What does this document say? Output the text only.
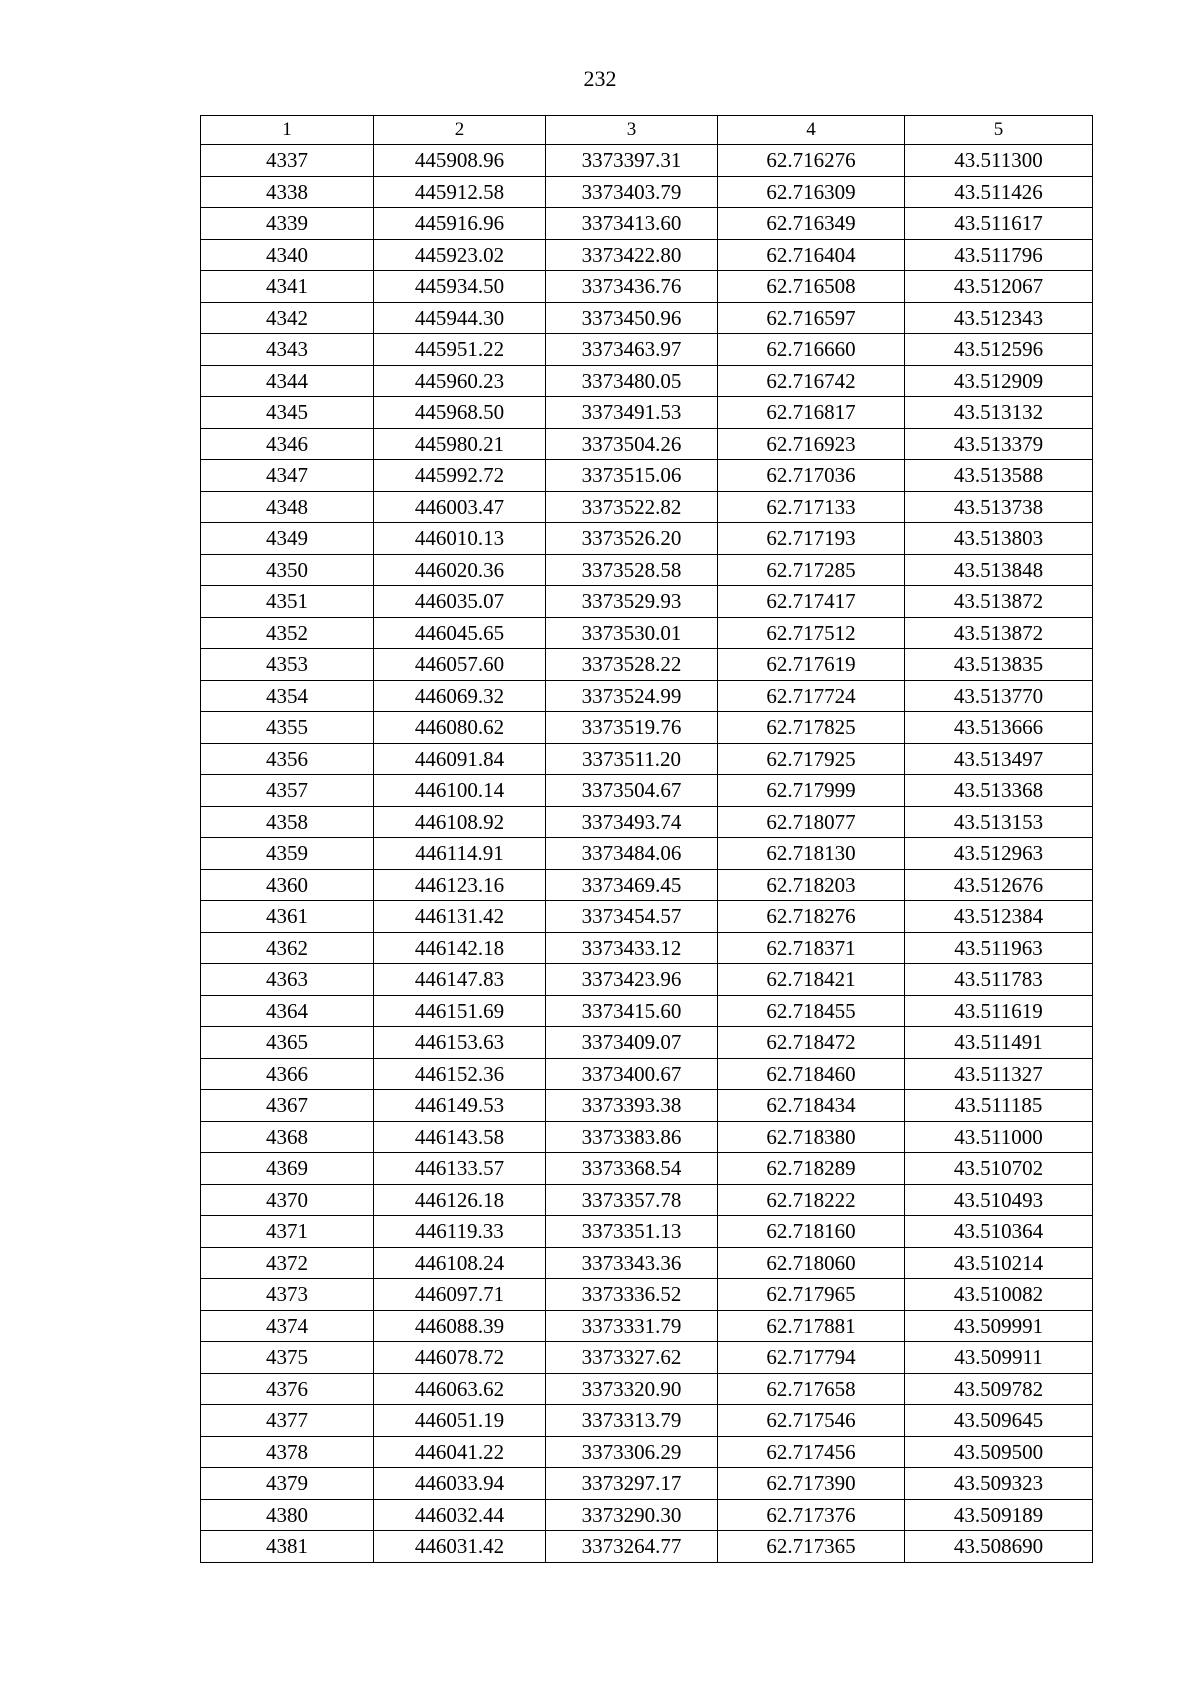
232
1	2	3	4	5
4337	445908.96	3373397.31	62.716276	43.511300
4338	445912.58	3373403.79	62.716309	43.511426
4339	445916.96	3373413.60	62.716349	43.511617
4340	445923.02	3373422.80	62.716404	43.511796
4341	445934.50	3373436.76	62.716508	43.512067
4342	445944.30	3373450.96	62.716597	43.512343
4343	445951.22	3373463.97	62.716660	43.512596
4344	445960.23	3373480.05	62.716742	43.512909
4345	445968.50	3373491.53	62.716817	43.513132
4346	445980.21	3373504.26	62.716923	43.513379
4347	445992.72	3373515.06	62.717036	43.513588
4348	446003.47	3373522.82	62.717133	43.513738
4349	446010.13	3373526.20	62.717193	43.513803
4350	446020.36	3373528.58	62.717285	43.513848
4351	446035.07	3373529.93	62.717417	43.513872
4352	446045.65	3373530.01	62.717512	43.513872
4353	446057.60	3373528.22	62.717619	43.513835
4354	446069.32	3373524.99	62.717724	43.513770
4355	446080.62	3373519.76	62.717825	43.513666
4356	446091.84	3373511.20	62.717925	43.513497
4357	446100.14	3373504.67	62.717999	43.513368
4358	446108.92	3373493.74	62.718077	43.513153
4359	446114.91	3373484.06	62.718130	43.512963
4360	446123.16	3373469.45	62.718203	43.512676
4361	446131.42	3373454.57	62.718276	43.512384
4362	446142.18	3373433.12	62.718371	43.511963
4363	446147.83	3373423.96	62.718421	43.511783
4364	446151.69	3373415.60	62.718455	43.511619
4365	446153.63	3373409.07	62.718472	43.511491
4366	446152.36	3373400.67	62.718460	43.511327
4367	446149.53	3373393.38	62.718434	43.511185
4368	446143.58	3373383.86	62.718380	43.511000
4369	446133.57	3373368.54	62.718289	43.510702
4370	446126.18	3373357.78	62.718222	43.510493
4371	446119.33	3373351.13	62.718160	43.510364
4372	446108.24	3373343.36	62.718060	43.510214
4373	446097.71	3373336.52	62.717965	43.510082
4374	446088.39	3373331.79	62.717881	43.509991
4375	446078.72	3373327.62	62.717794	43.509911
4376	446063.62	3373320.90	62.717658	43.509782
4377	446051.19	3373313.79	62.717546	43.509645
4378	446041.22	3373306.29	62.717456	43.509500
4379	446033.94	3373297.17	62.717390	43.509323
4380	446032.44	3373290.30	62.717376	43.509189
4381	446031.42	3373264.77	62.717365	43.508690
